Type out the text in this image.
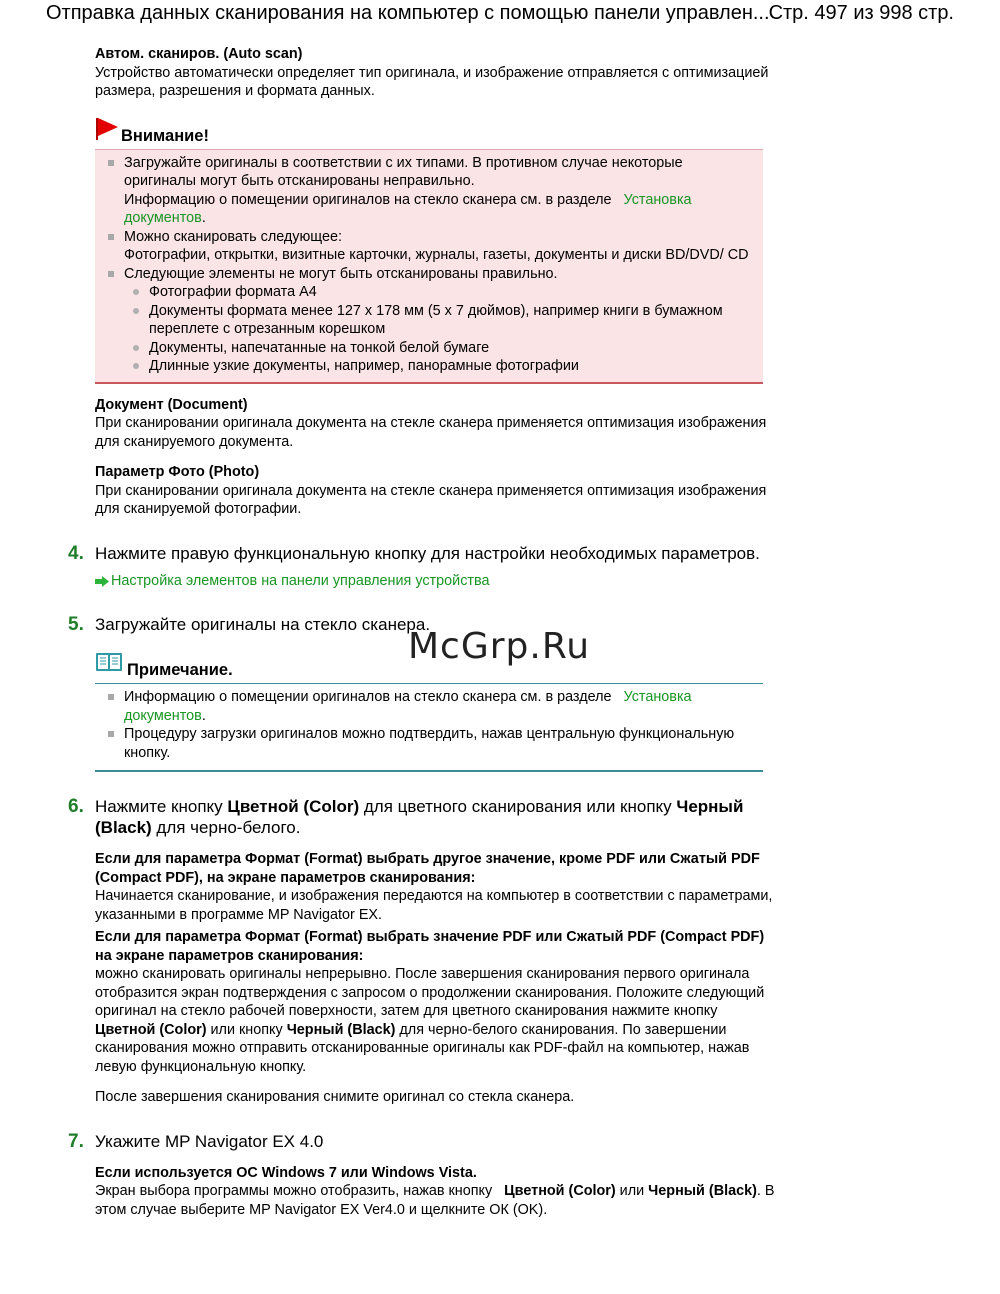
Отправка данных сканирования на компьютер с помощью панели управлен... Стр. 497 из 998 стр.
Автом. сканиров. (Auto scan)

Устройство автоматически определяет тип оригинала, и изображение отправляется с оптимизацией размера, разрешения и формата данных.

Внимание!
Загружайте оригиналы в соответствии с их типами. В противном случае некоторые оригиналы могут быть отсканированы неправильно.
Информацию о помещении оригиналов на стекло сканера см. в разделе Установка документов.
Можно сканировать следующее:
Фотографии, открытки, визитные карточки, журналы, газеты, документы и диски BD/DVD/ CD
Следующие элементы не могут быть отсканированы правильно.
Фотографии формата A4
Документы формата менее 127 x 178 мм (5 x 7 дюймов), например книги в бумажном переплете с отрезанным корешком
Документы, напечатанные на тонкой белой бумаге
Длинные узкие документы, например, панорамные фотографии
Документ (Document)

При сканировании оригинала документа на стекле сканера применяется оптимизация изображения для сканируемого документа.

Параметр Фото (Photo)

При сканировании оригинала документа на стекле сканера применяется оптимизация изображения для сканируемой фотографии.

4. Нажмите правую функциональную кнопку для настройки необходимых параметров.
Настройка элементов на панели управления устройства
5. Загружайте оригиналы на стекло сканера.
Примечание.
Информацию о помещении оригиналов на стекло сканера см. в разделе Установка документов.
Процедуру загрузки оригиналов можно подтвердить, нажав центральную функциональную кнопку.
6. Нажмите кнопку Цветной (Color) для цветного сканирования или кнопку Черный (Black) для черно-белого.
Если для параметра Формат (Format) выбрать другое значение, кроме PDF или Сжатый PDF (Compact PDF), на экране параметров сканирования:

Начинается сканирование, и изображения передаются на компьютер в соответствии с параметрами, указанными в программе MP Navigator EX.

Если для параметра Формат (Format) выбрать значение PDF или Сжатый PDF (Compact PDF) на экране параметров сканирования:

можно сканировать оригиналы непрерывно. После завершения сканирования первого оригинала отобразится экран подтверждения с запросом о продолжении сканирования. Положите следующий оригинал на стекло рабочей поверхности, затем для цветного сканирования нажмите кнопку Цветной (Color) или кнопку Черный (Black) для черно-белого сканирования. По завершении сканирования можно отправить отсканированные оригиналы как PDF-файл на компьютер, нажав левую функциональную кнопку.

После завершения сканирования снимите оригинал со стекла сканера.

7. Укажите MP Navigator EX 4.0
Если используется ОС Windows 7 или Windows Vista.

Экран выбора программы можно отобразить, нажав кнопку   Цветной (Color) или Черный (Black). В этом случае выберите MP Navigator EX Ver4.0 и щелкните ОК (OK).

McGrp.Ru
